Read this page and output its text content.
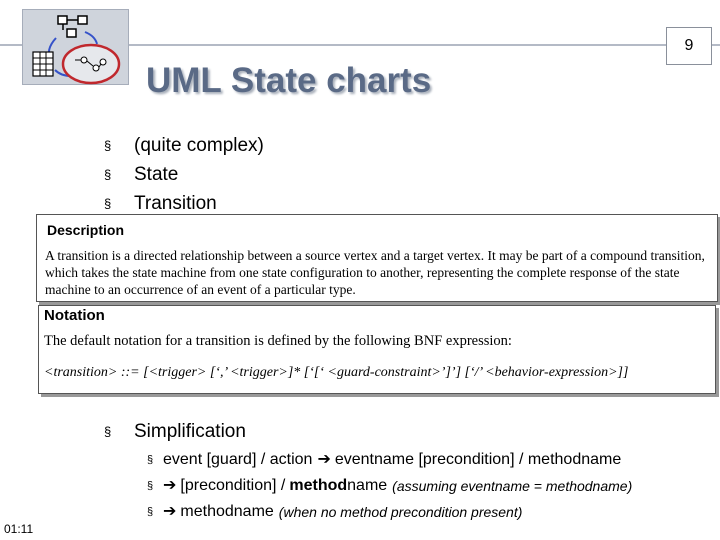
9
UML State charts
§	(quite complex)
§	State
§	Transition
Description
A transition is a directed relationship between a source vertex and a target vertex. It may be part of a compound transition, which takes the state machine from one state configuration to another, representing the complete response of the state machine to an occurrence of an event of a particular type.
Notation
The default notation for a transition is defined by the following BNF expression:
<transition> ::= [<trigger> [‘,’ <trigger>]* [‘[‘ <guard-constraint>’]’] [‘/’ <behavior-expression>]]
§	Simplification
§ event [guard] / action ➔ eventname [precondition] / methodname
§ ➔ [precondition] / method name (assuming eventname = methodname)
§ ➔ methodname (when no method precondition present)
01:11
